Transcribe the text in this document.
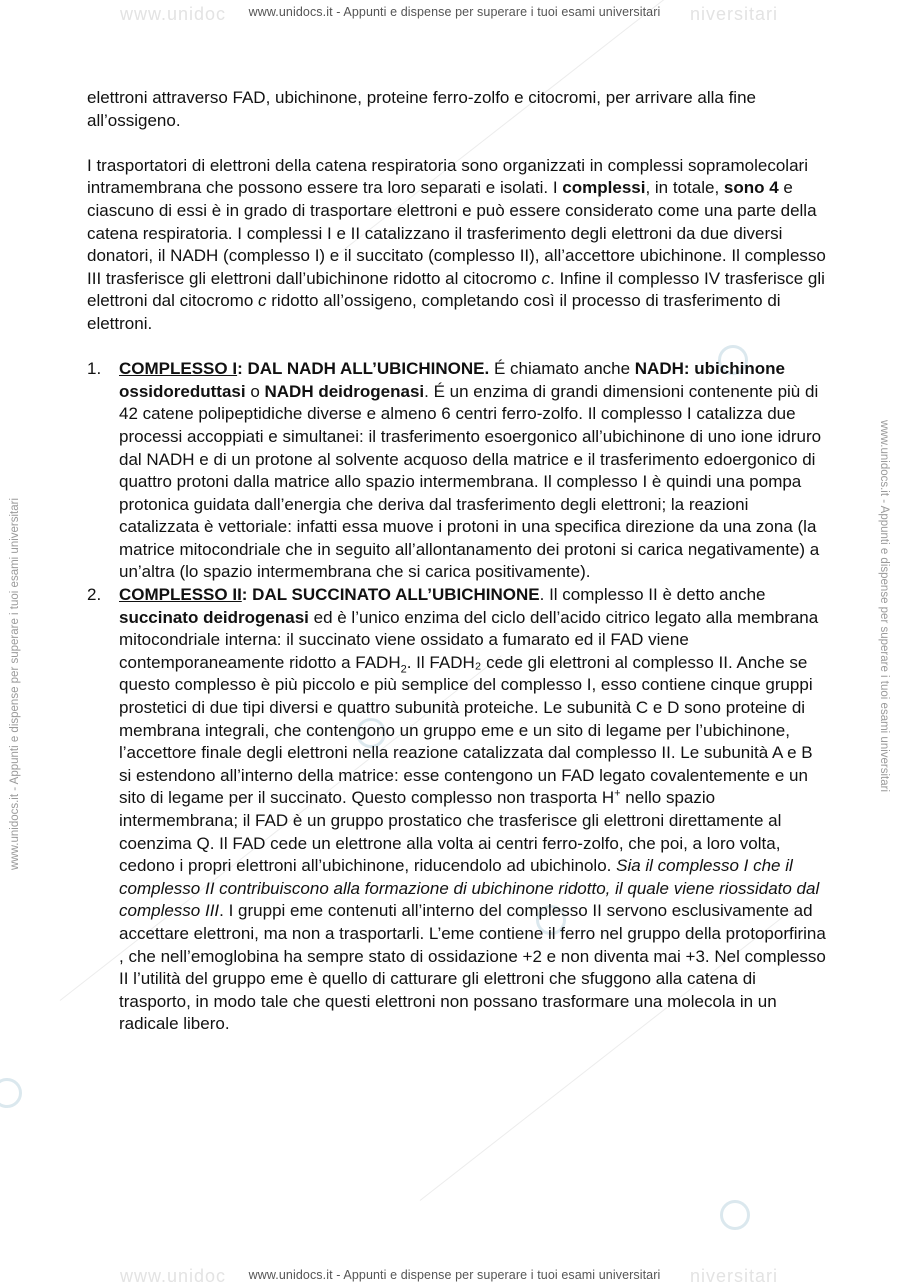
www.unidoc	niversitari
www.unidoc	niversitari
www.unidocs.it - Appunti e dispense per superare i tuoi esami universitari
www.unidocs.it - Appunti e dispense per superare i tuoi esami universitari
www.unidocs.it - Appunti e dispense per superare i tuoi esami universitari	www.unidocs.it - Appunti e dispense per superare i tuoi esami universitari

elettroni attraverso FAD, ubichinone, proteine ferro-zolfo e citocromi, per arrivare alla fine all’ossigeno.

I trasportatori di elettroni della catena respiratoria sono organizzati in complessi sopramolecolari intramembrana che possono essere tra loro separati e isolati. I complessi, in totale, sono 4 e ciascuno di essi è in grado di trasportare elettroni e può essere considerato come una parte della catena respiratoria. I complessi I e II catalizzano il trasferimento degli elettroni da due diversi donatori, il NADH (complesso I) e il succitato (complesso II), all’accettore ubichinone. Il complesso III trasferisce gli elettroni dall’ubichinone ridotto al citocromo c. Infine il complesso IV trasferisce gli elettroni dal citocromo c ridotto all’ossigeno, completando così il processo di trasferimento di elettroni.

1. COMPLESSO I: DAL NADH ALL’UBICHINONE. É chiamato anche NADH: ubichinone ossidoreduttasi o NADH deidrogenasi. É un enzima di grandi dimensioni contenente più di 42 catene polipeptidiche diverse e almeno 6 centri ferro-zolfo. Il complesso I catalizza due processi accoppiati e simultanei: il trasferimento esoergonico all’ubichinone di uno ione idruro dal NADH e di un protone al solvente acquoso della matrice e il trasferimento edoergonico di quattro protoni dalla matrice allo spazio intermembrana. Il complesso I è quindi una pompa protonica guidata dall’energia che deriva dal trasferimento degli elettroni; la reazioni catalizzata è vettoriale: infatti essa muove i protoni in una specifica direzione da una zona (la matrice mitocondriale che in seguito all’allontanamento dei protoni si carica negativamente) a un’altra (lo spazio intermembrana che si carica positivamente).
2. COMPLESSO II: DAL SUCCINATO ALL’UBICHINONE. Il complesso II è detto anche succinato deidrogenasi ed è l’unico enzima del ciclo dell’acido citrico legato alla membrana mitocondriale interna: il succinato viene ossidato a fumarato ed il FAD viene contemporaneamente ridotto a $FADH_2$. Il FADH₂ cede gli elettroni al complesso II. Anche se questo complesso è più piccolo e più semplice del complesso I, esso contiene cinque gruppi prostetici di due tipi diversi e quattro subunità proteiche. Le subunità C e D sono proteine di membrana integrali, che contengono un gruppo eme e un sito di legame per l’ubichinone, l’accettore finale degli elettroni nella reazione catalizzata dal complesso II. Le subunità A e B si estendono all’interno della matrice: esse contengono un FAD legato covalentemente e un sito di legame per il succinato. Questo complesso non trasporta H+ nello spazio intermembrana; il FAD è un gruppo prostatico che trasferisce gli elettroni direttamente al coenzima Q. Il FAD cede un elettrone alla volta ai centri ferro-zolfo, che poi, a loro volta, cedono i propri elettroni all’ubichinone, riducendolo ad ubichinolo. Sia il complesso I che il complesso II contribuiscono alla formazione di ubichinone ridotto, il quale viene riossidato dal complesso III. I gruppi eme contenuti all’interno del complesso II servono esclusivamente ad accettare elettroni, ma non a trasportarli. L’eme contiene il ferro nel gruppo della protoporfirina , che nell’emoglobina ha sempre stato di ossidazione +2 e non diventa mai +3. Nel complesso II l’utilità del gruppo eme è quello di catturare gli elettroni che sfuggono alla catena di trasporto, in modo tale che questi elettroni non possano trasformare una molecola in un radicale libero.
